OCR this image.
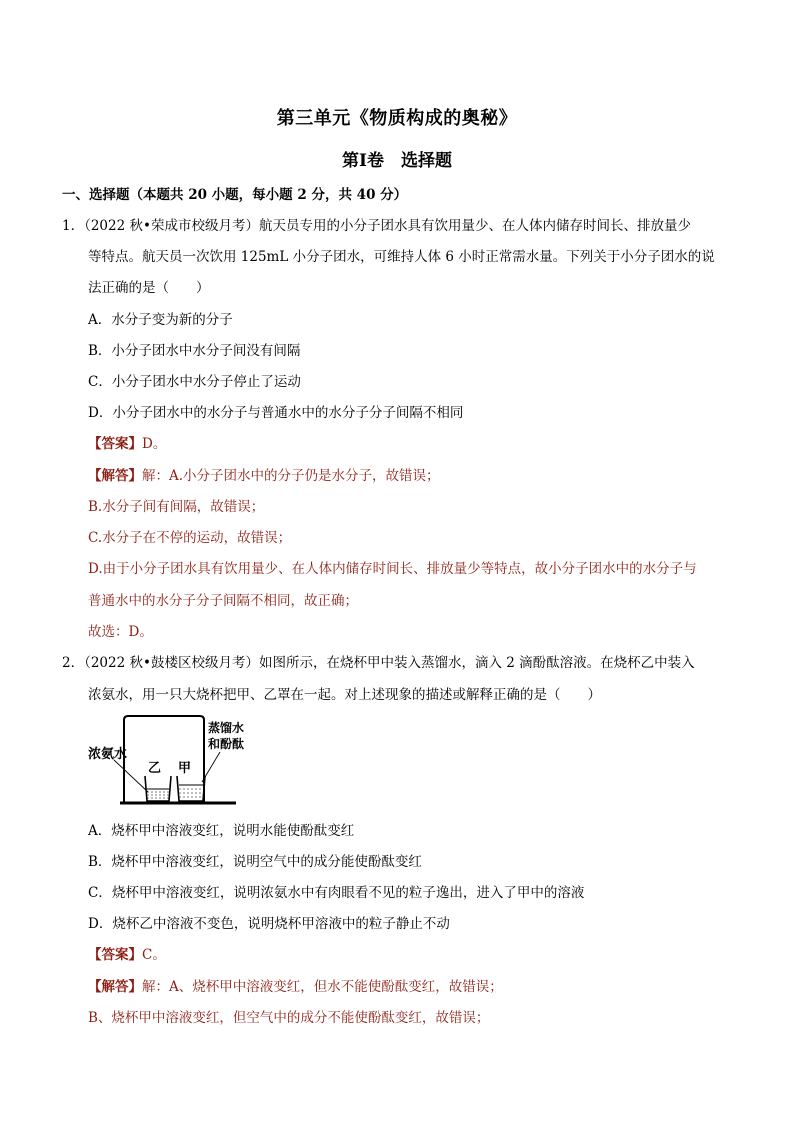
第三单元《物质构成的奥秘》
第Ⅰ卷　选择题
一、选择题（本题共 20 小题，每小题 2 分，共 40 分）
1．（2022 秋•荣成市校级月考）航天员专用的小分子团水具有饮用量少、在人体内储存时间长、排放量少
等特点。航天员一次饮用 125mL 小分子团水，可维持人体 6 小时正常需水量。下列关于小分子团水的说
法正确的是（　　）
A．水分子变为新的分子
B．小分子团水中水分子间没有间隔
C．小分子团水中水分子停止了运动
D．小分子团水中的水分子与普通水中的水分子分子间隔不相同
【答案】D。
【解答】解：A.小分子团水中的分子仍是水分子，故错误；
B.水分子间有间隔，故错误；
C.水分子在不停的运动，故错误；
D.由于小分子团水具有饮用量少、在人体内储存时间长、排放量少等特点，故小分子团水中的水分子与
普通水中的水分子分子间隔不相同，故正确；
故选：D。
2．（2022 秋•鼓楼区校级月考）如图所示，在烧杯甲中装入蒸馏水，滴入 2 滴酚酞溶液。在烧杯乙中装入
浓氨水，用一只大烧杯把甲、乙罩在一起。对上述现象的描述或解释正确的是（　　）
浓氨水
乙 甲
蒸馏水
和酚酞
A．烧杯甲中溶液变红，说明水能使酚酞变红
B．烧杯甲中溶液变红，说明空气中的成分能使酚酞变红
C．烧杯甲中溶液变红，说明浓氨水中有肉眼看不见的粒子逸出，进入了甲中的溶液
D．烧杯乙中溶液不变色，说明烧杯甲溶液中的粒子静止不动
【答案】C。
【解答】解：A、烧杯甲中溶液变红，但水不能使酚酞变红，故错误；
B、烧杯甲中溶液变红，但空气中的成分不能使酚酞变红，故错误；
